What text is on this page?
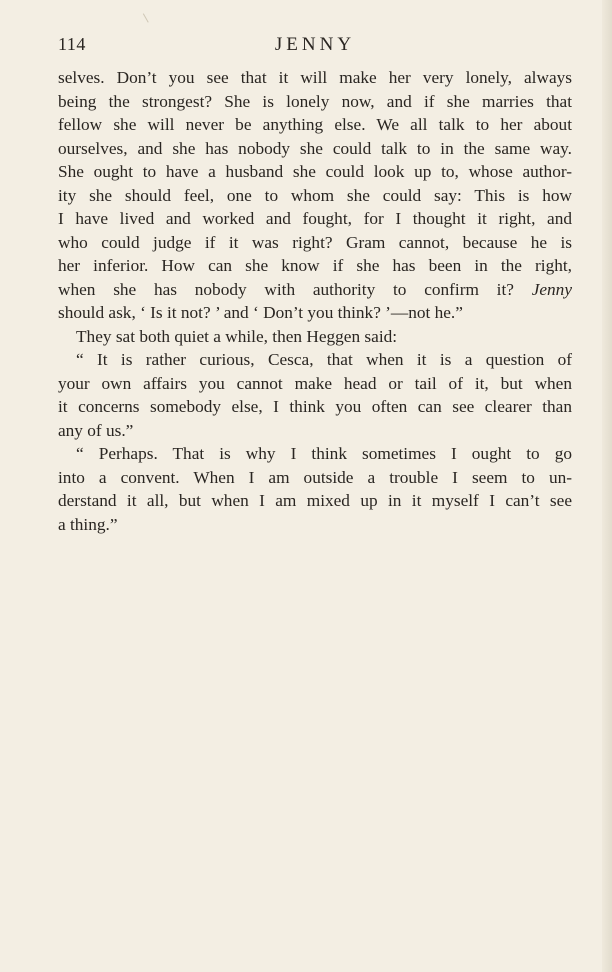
114	JENNY
selves. Don’t you see that it will make her very lonely, always
being the strongest? She is lonely now, and if she marries that
fellow she will never be anything else. We all talk to her about
ourselves, and she has nobody she could talk to in the same way.
She ought to have a husband she could look up to, whose author-
ity she should feel, one to whom she could say: This is how
I have lived and worked and fought, for I thought it right, and
who could judge if it was right? Gram cannot, because he is
her inferior. How can she know if she has been in the right,
when she has nobody with authority to confirm it? Jenny
should ask, ‘ Is it not? ’ and ‘ Don’t you think? ’—not he.”
They sat both quiet a while, then Heggen said:
“ It is rather curious, Cesca, that when it is a question of
your own affairs you cannot make head or tail of it, but when
it concerns somebody else, I think you often can see clearer than
any of us.”
“ Perhaps. That is why I think sometimes I ought to go
into a convent. When I am outside a trouble I seem to un-
derstand it all, but when I am mixed up in it myself I can’t see
a thing.”
